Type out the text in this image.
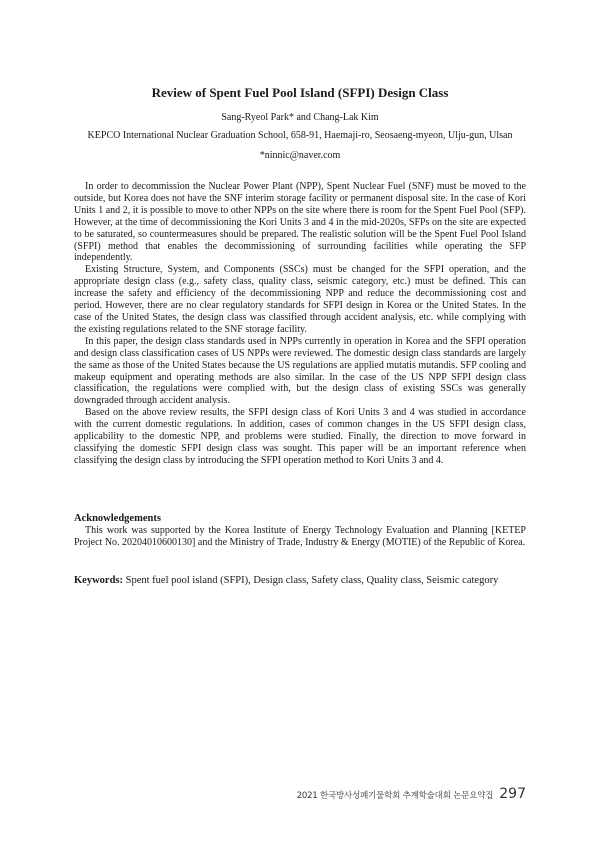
Review of Spent Fuel Pool Island (SFPI) Design Class
Sang-Ryeol Park* and Chang-Lak Kim
KEPCO International Nuclear Graduation School, 658-91, Haemaji-ro, Seosaeng-myeon, Ulju-gun, Ulsan
*ninnic@naver.com

In order to decommission the Nuclear Power Plant (NPP), Spent Nuclear Fuel (SNF) must be moved to the outside, but Korea does not have the SNF interim storage facility or permanent disposal site. In the case of Kori Units 1 and 2, it is possible to move to other NPPs on the site where there is room for the Spent Fuel Pool (SFP). However, at the time of decommissioning the Kori Units 3 and 4 in the mid-2020s, SFPs on the site are expected to be saturated, so countermeasures should be prepared. The realistic solution will be the Spent Fuel Pool Island (SFPI) method that enables the decommissioning of surrounding facilities while operating the SFP independently.

Existing Structure, System, and Components (SSCs) must be changed for the SFPI operation, and the appropriate design class (e.g., safety class, quality class, seismic category, etc.) must be defined. This can increase the safety and efficiency of the decommissioning NPP and reduce the decommissioning cost and period. However, there are no clear regulatory standards for SFPI design in Korea or the United States. In the case of the United States, the design class was classified through accident analysis, etc. while complying with the existing regulations related to the SNF storage facility.

In this paper, the design class standards used in NPPs currently in operation in Korea and the SFPI operation and design class classification cases of US NPPs were reviewed. The domestic design class standards are largely the same as those of the United States because the US regulations are applied mutatis mutandis. SFP cooling and makeup equipment and operating methods are also similar. In the case of the US NPP SFPI design class classification, the regulations were complied with, but the design class of existing SSCs was generally downgraded through accident analysis.

Based on the above review results, the SFPI design class of Kori Units 3 and 4 was studied in accordance with the current domestic regulations. In addition, cases of common changes in the US SFPI design class, applicability to the domestic NPP, and problems were studied. Finally, the direction to move forward in classifying the domestic SFPI design class was sought. This paper will be an important reference when classifying the design class by introducing the SFPI operation method to Kori Units 3 and 4.

Acknowledgements

This work was supported by the Korea Institute of Energy Technology Evaluation and Planning [KETEP Project No. 20204010600130] and the Ministry of Trade, Industry & Energy (MOTIE) of the Republic of Korea.

Keywords: Spent fuel pool island (SFPI), Design class, Safety class, Quality class, Seismic category
2021 한국방사성폐기물학회 추계학술대회 논문요약집 297
